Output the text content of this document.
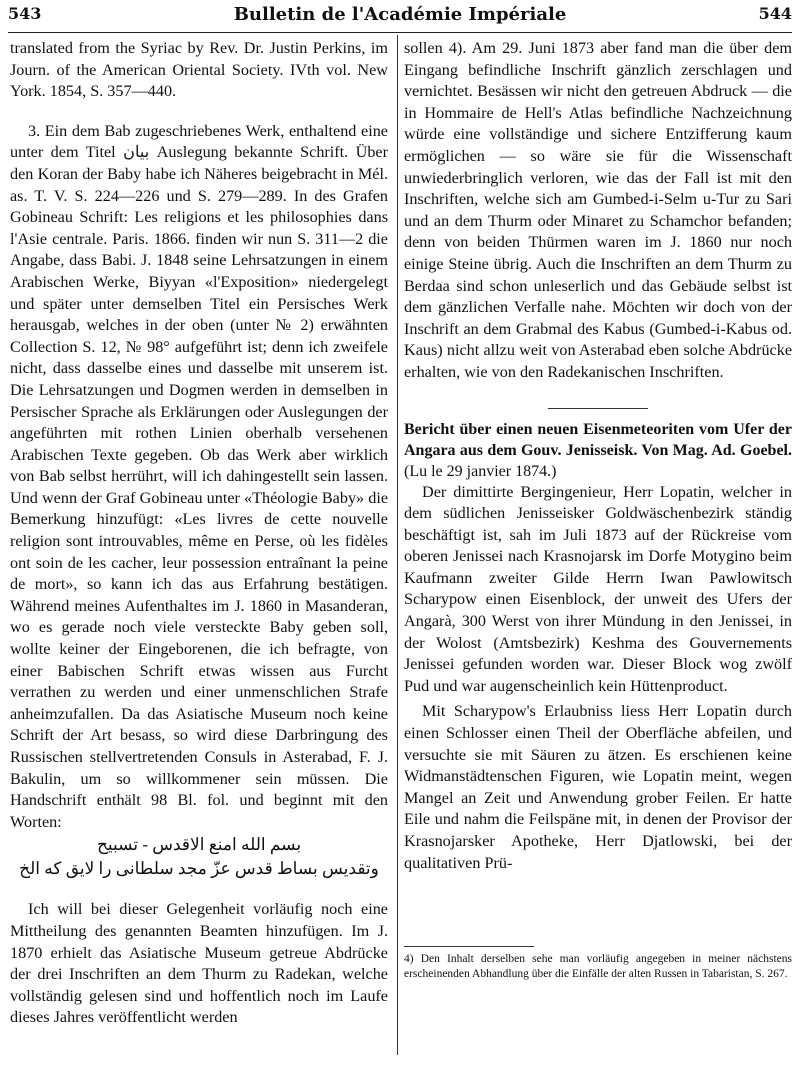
543	Bulletin de l'Académie Impériale	544

translated from the Syriac by Rev. Dr. Justin Perkins, im Journ. of the American Oriental Society. IVth vol. New York. 1854, S. 357—440.

3. Ein dem Bab zugeschriebenes Werk, enthaltend eine unter dem Titel بیان Auslegung bekannte Schrift. Über den Koran der Baby habe ich Näheres beigebracht in Mél. as. T. V. S. 224—226 und S. 279—289. In des Grafen Gobineau Schrift: Les religions et les philosophies dans l'Asie centrale. Paris. 1866. finden wir nun S. 311—2 die Angabe, dass Babi. J. 1848 seine Lehrsatzungen in einem Arabischen Werke, Biyyan «l'Exposition» niedergelegt und später unter demselben Titel ein Persisches Werk herausgab, welches in der oben (unter № 2) erwähnten Collection S. 12, № 98° aufgeführt ist; denn ich zweifele nicht, dass dasselbe eines und dasselbe mit unserem ist. Die Lehrsatzungen und Dogmen werden in demselben in Persischer Sprache als Erklärungen oder Auslegungen der angeführten mit rothen Linien oberhalb versehenen Arabischen Texte gegeben. Ob das Werk aber wirklich von Bab selbst herrührt, will ich dahingestellt sein lassen. Und wenn der Graf Gobineau unter «Théologie Baby» die Bemerkung hinzufügt: «Les livres de cette nouvelle religion sont introuvables, même en Perse, où les fidèles ont soin de les cacher, leur possession entraînant la peine de mort», so kann ich das aus Erfahrung bestätigen. Während meines Aufenthaltes im J. 1860 in Masanderan, wo es gerade noch viele versteckte Baby geben soll, wollte keiner der Eingeborenen, die ich befragte, von einer Babischen Schrift etwas wissen aus Furcht verrathen zu werden und einer unmenschlichen Strafe anheimzufallen. Da das Asiatische Museum noch keine Schrift der Art besass, so wird diese Darbringung des Russischen stellvertretenden Consuls in Asterabad, F. J. Bakulin, um so willkommener sein müssen. Die Handschrift enthält 98 Bl. fol. und beginnt mit den Worten:

بسم الله امنع الاقدس - تسبیح

وتقدیس بساط قدس عزّ مجد سلطانی را لایق که الخ

Ich will bei dieser Gelegenheit vorläufig noch eine Mittheilung des genannten Beamten hinzufügen. Im J. 1870 erhielt das Asiatische Museum getreue Abdrücke der drei Inschriften an dem Thurm zu Radekan, welche vollständig gelesen sind und hoffentlich noch im Laufe dieses Jahres veröffentlicht werden

sollen 4). Am 29. Juni 1873 aber fand man die über dem Eingang befindliche Inschrift gänzlich zerschlagen und vernichtet. Besässen wir nicht den getreuen Abdruck — die in Hommaire de Hell's Atlas befindliche Nachzeichnung würde eine vollständige und sichere Entzifferung kaum ermöglichen — so wäre sie für die Wissenschaft unwiederbringlich verloren, wie das der Fall ist mit den Inschriften, welche sich am Gumbed-i-Selm u-Tur zu Sari und an dem Thurm oder Minaret zu Schamchor befanden; denn von beiden Thürmen waren im J. 1860 nur noch einige Steine übrig. Auch die Inschriften an dem Thurm zu Berdaa sind schon unleserlich und das Gebäude selbst ist dem gänzlichen Verfalle nahe. Möchten wir doch von der Inschrift an dem Grabmal des Kabus (Gumbed-i-Kabus od. Kaus) nicht allzu weit von Asterabad eben solche Abdrücke erhalten, wie von den Radekanischen Inschriften.

Bericht über einen neuen Eisenmeteoriten vom Ufer der Angara aus dem Gouv. Jenisseisk. Von Mag. Ad. Goebel. (Lu le 29 janvier 1874.)

Der dimittirte Bergingenieur, Herr Lopatin, welcher in dem südlichen Jenisseisker Goldwäschenbezirk ständig beschäftigt ist, sah im Juli 1873 auf der Rückreise vom oberen Jenissei nach Krasnojarsk im Dorfe Motygino beim Kaufmann zweiter Gilde Herrn Iwan Pawlowitsch Scharypow einen Eisenblock, der unweit des Ufers der Angarà, 300 Werst von ihrer Mündung in den Jenissei, in der Wolost (Amtsbezirk) Keshma des Gouvernements Jenissei gefunden worden war. Dieser Block wog zwölf Pud und war augenscheinlich kein Hüttenproduct.

Mit Scharypow's Erlaubniss liess Herr Lopatin durch einen Schlosser einen Theil der Oberfläche abfeilen, und versuchte sie mit Säuren zu ätzen. Es erschienen keine Widmanstädtenschen Figuren, wie Lopatin meint, wegen Mangel an Zeit und Anwendung grober Feilen. Er hatte Eile und nahm die Feilspäne mit, in denen der Provisor der Krasnojarsker Apotheke, Herr Djatlowski, bei der qualitativen Prü-

4) Den Inhalt derselben sehe man vorläufig angegeben in meiner nächstens erscheinenden Abhandlung über die Einfälle der alten Russen in Tabaristan, S. 267.
